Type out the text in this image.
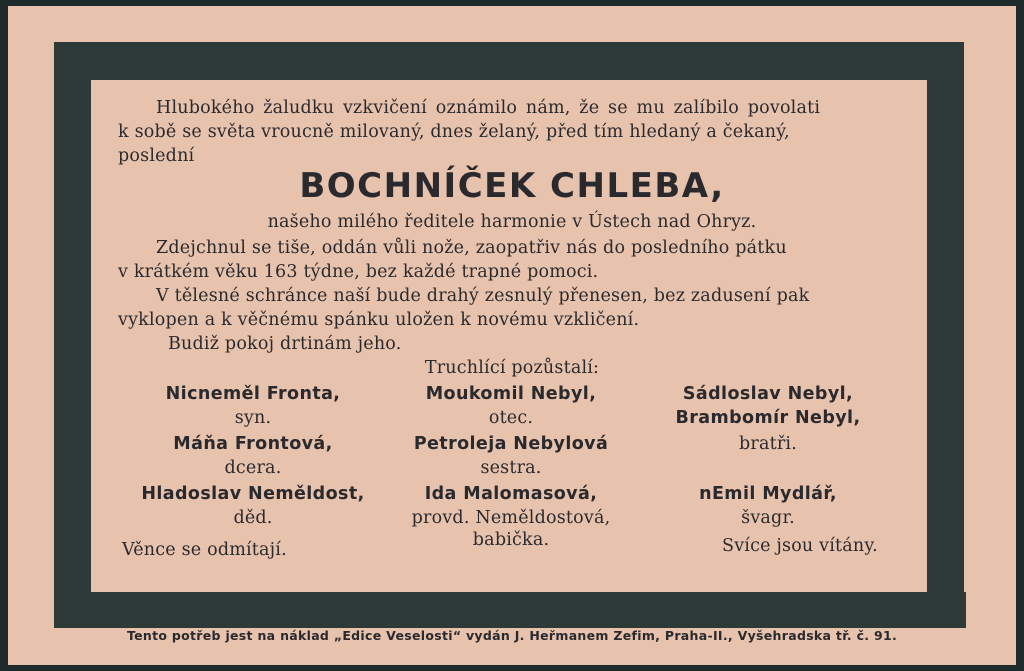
Hlubokého žaludku vzkvičení oznámilo nám, že se mu zalíbilo povolati
k sobě se světa vroucně milovaný, dnes želaný, před tím hledaný a čekaný,
poslední
BOCHNÍČEK CHLEBA,
našeho milého ředitele harmonie v Ústech nad Ohryz.
Zdejchnul se tiše, oddán vůli nože, zaopatřiv nás do posledního pátku
v krátkém věku 163 týdne, bez každé trapné pomoci.
V tělesné schránce naší bude drahý zesnulý přenesen, bez zadusení pak
vyklopen a k věčnému spánku uložen k novému vzkličení.
Budiž pokoj drtinám jeho.
Truchlící pozůstalí:
Nicneměl Fronta,
syn.
Máňa Frontová,
dcera.
Hladoslav Neměldost,
děd.
Moukomil Nebyl,
otec.
Petroleja Nebylová
sestra.
Ida Malomasová,
provd. Neměldostová,
babička.
Sádloslav Nebyl,
Brambomír Nebyl,
bratři.
nEmil Mydlář,
švagr.
Věnce se odmítají.	Svíce jsou vítány.
Tento potřeb jest na náklad „Edice Veselosti“ vydán J. Heřmanem Zefim, Praha-II., Vyšehradska tř. č. 91.
